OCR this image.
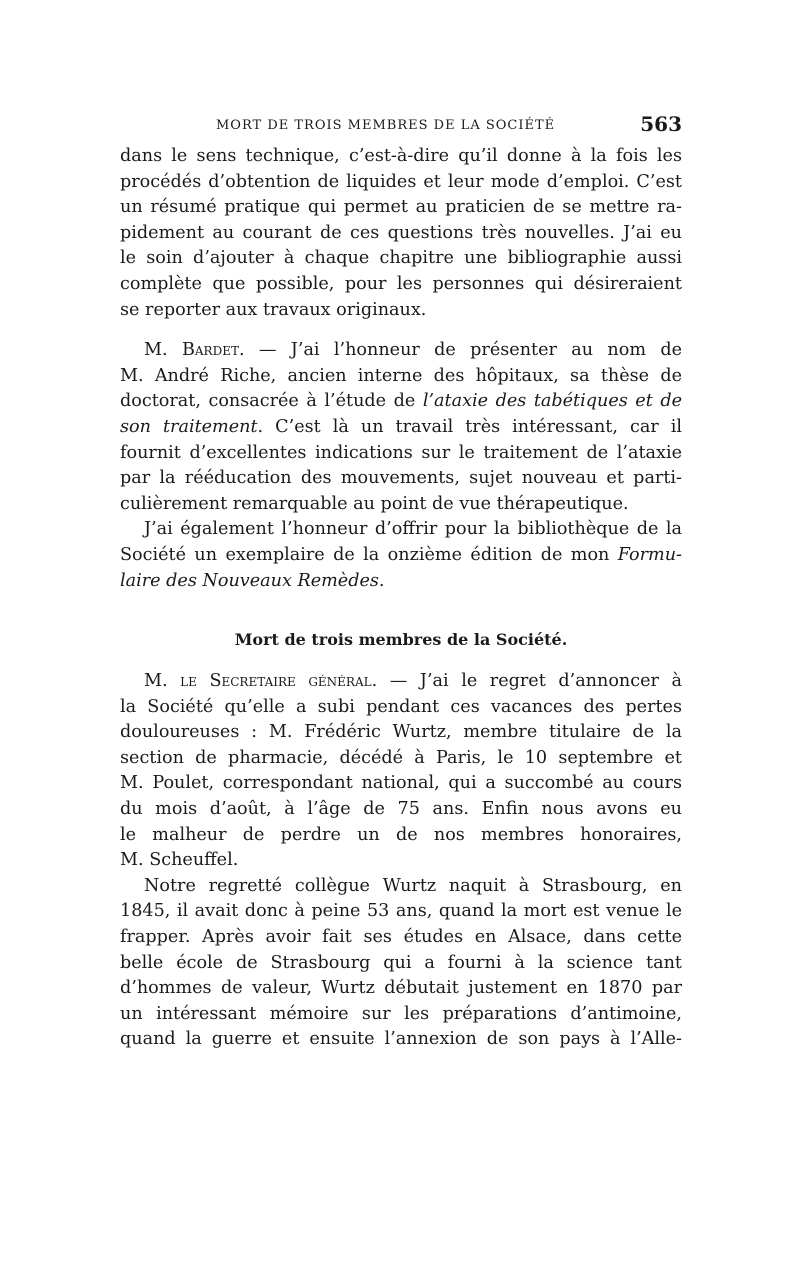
MORT DE TROIS MEMBRES DE LA SOCIÉTÉ	563

dans le sens technique, c’est-à-dire qu’il donne à la fois les

procédés d’obtention de liquides et leur mode d’emploi. C’est

un résumé pratique qui permet au praticien de se mettre ra-

pidement au courant de ces questions très nouvelles. J’ai eu

le soin d’ajouter à chaque chapitre une bibliographie aussi

complète que possible, pour les personnes qui désireraient

se reporter aux travaux originaux.

M. Bardet. — J’ai l’honneur de présenter au nom de

M. André Riche, ancien interne des hôpitaux, sa thèse de

doctorat, consacrée à l’étude de l’ataxie des tabétiques et de

son traitement. C’est là un travail très intéressant, car il

fournit d’excellentes indications sur le traitement de l’ataxie

par la rééducation des mouvements, sujet nouveau et parti-

culièrement remarquable au point de vue thérapeutique.

J’ai également l’honneur d’offrir pour la bibliothèque de la

Société un exemplaire de la onzième édition de mon Formu-

laire des Nouveaux Remèdes.

Mort de trois membres de la Société.

M. le Secretaire général. — J’ai le regret d’annoncer à

la Société qu’elle a subi pendant ces vacances des pertes

douloureuses : M. Frédéric Wurtz, membre titulaire de la

section de pharmacie, décédé à Paris, le 10 septembre et

M. Poulet, correspondant national, qui a succombé au cours

du mois d’août, à l’âge de 75 ans. Enfin nous avons eu

le malheur de perdre un de nos membres honoraires,

M. Scheuffel.

Notre regretté collègue Wurtz naquit à Strasbourg, en

1845, il avait donc à peine 53 ans, quand la mort est venue le

frapper. Après avoir fait ses études en Alsace, dans cette

belle école de Strasbourg qui a fourni à la science tant

d’hommes de valeur, Wurtz débutait justement en 1870 par

un intéressant mémoire sur les préparations d’antimoine,

quand la guerre et ensuite l’annexion de son pays à l’Alle-
